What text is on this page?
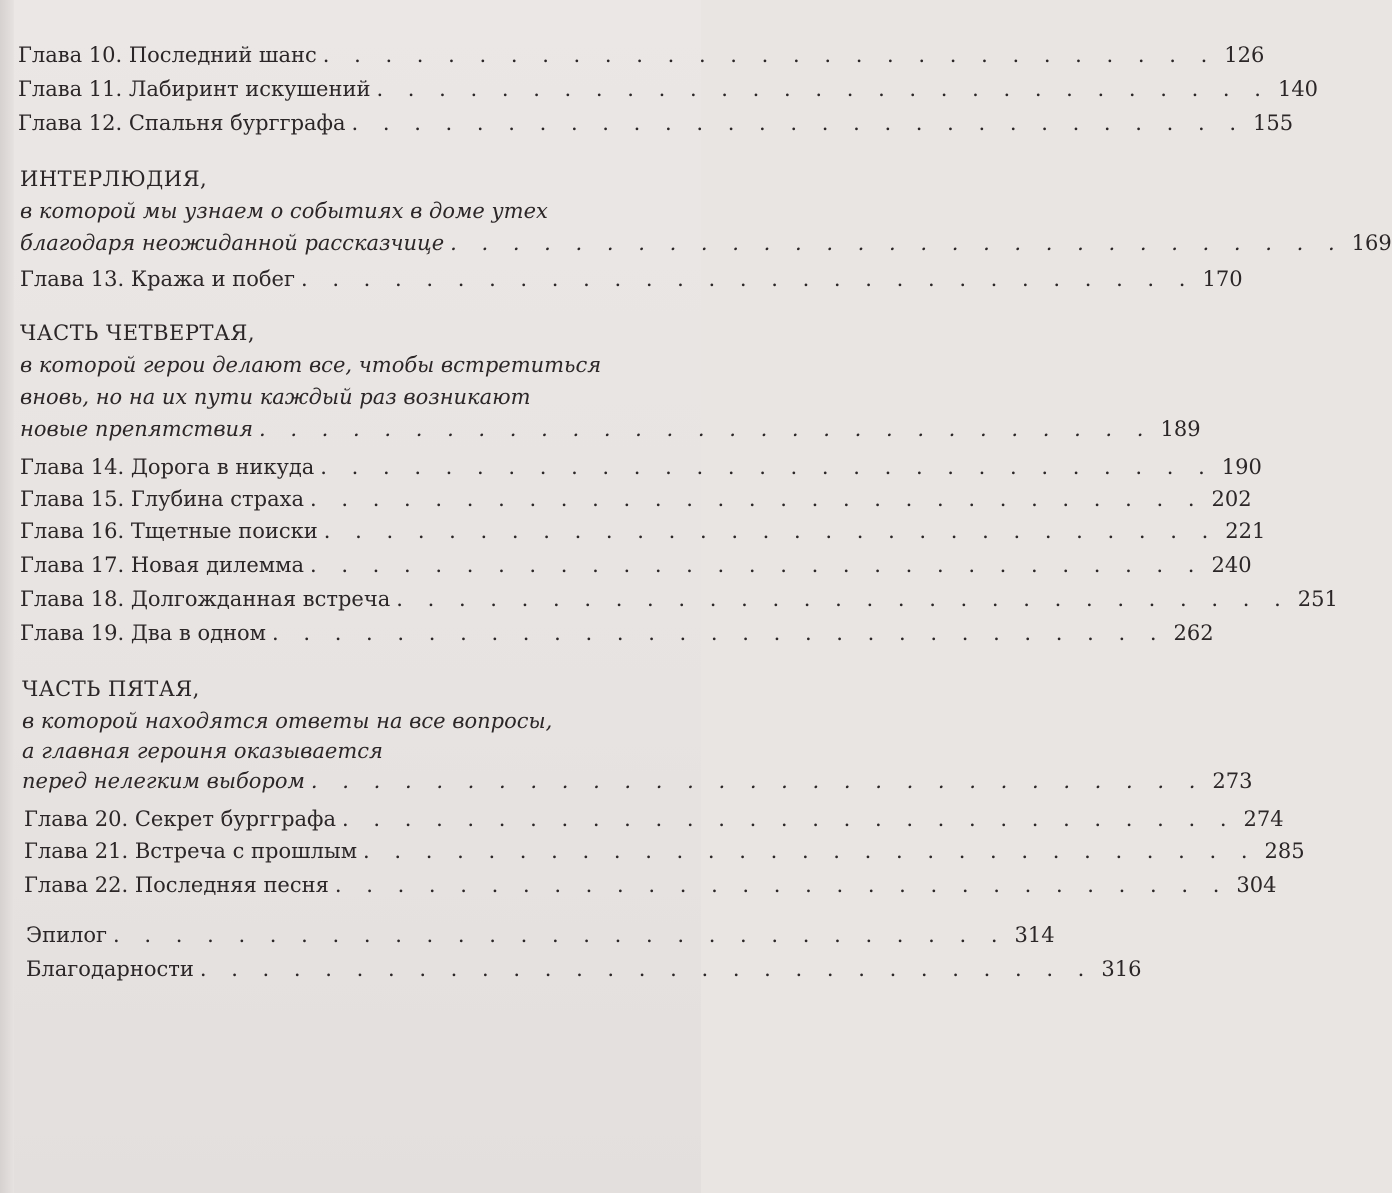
Глава 10. Последний шанс . . . . . . . . . . . . . . . . . . . . . . . . . . . . . 126
Глава 11. Лабиринт искушений . . . . . . . . . . . . . . . . . . . . . . . . . . . . . 140
Глава 12. Спальня бургграфа . . . . . . . . . . . . . . . . . . . . . . . . . . . . . 155
ИНТЕРЛЮДИЯ,
в которой мы узнаем о событиях в доме утех
благодаря неожиданной рассказчице . . . . . . . . . . . . . . . . . . . . . . . . . . . . . 169
Глава 13. Кража и побег . . . . . . . . . . . . . . . . . . . . . . . . . . . . . 170
ЧАСТЬ ЧЕТВЕРТАЯ,
в которой герои делают все, чтобы встретиться
вновь, но на их пути каждый раз возникают
новые препятствия . . . . . . . . . . . . . . . . . . . . . . . . . . . . . 189
Глава 14. Дорога в никуда . . . . . . . . . . . . . . . . . . . . . . . . . . . . . 190
Глава 15. Глубина страха . . . . . . . . . . . . . . . . . . . . . . . . . . . . . 202
Глава 16. Тщетные поиски . . . . . . . . . . . . . . . . . . . . . . . . . . . . . 221
Глава 17. Новая дилемма . . . . . . . . . . . . . . . . . . . . . . . . . . . . . 240
Глава 18. Долгожданная встреча . . . . . . . . . . . . . . . . . . . . . . . . . . . . . 251
Глава 19. Два в одном . . . . . . . . . . . . . . . . . . . . . . . . . . . . . 262
ЧАСТЬ ПЯТАЯ,
в которой находятся ответы на все вопросы,
а главная героиня оказывается
перед нелегким выбором . . . . . . . . . . . . . . . . . . . . . . . . . . . . . 273
Глава 20. Секрет бургграфа . . . . . . . . . . . . . . . . . . . . . . . . . . . . . 274
Глава 21. Встреча с прошлым . . . . . . . . . . . . . . . . . . . . . . . . . . . . . 285
Глава 22. Последняя песня . . . . . . . . . . . . . . . . . . . . . . . . . . . . . 304
Эпилог . . . . . . . . . . . . . . . . . . . . . . . . . . . . . 314
Благодарности . . . . . . . . . . . . . . . . . . . . . . . . . . . . . 316
